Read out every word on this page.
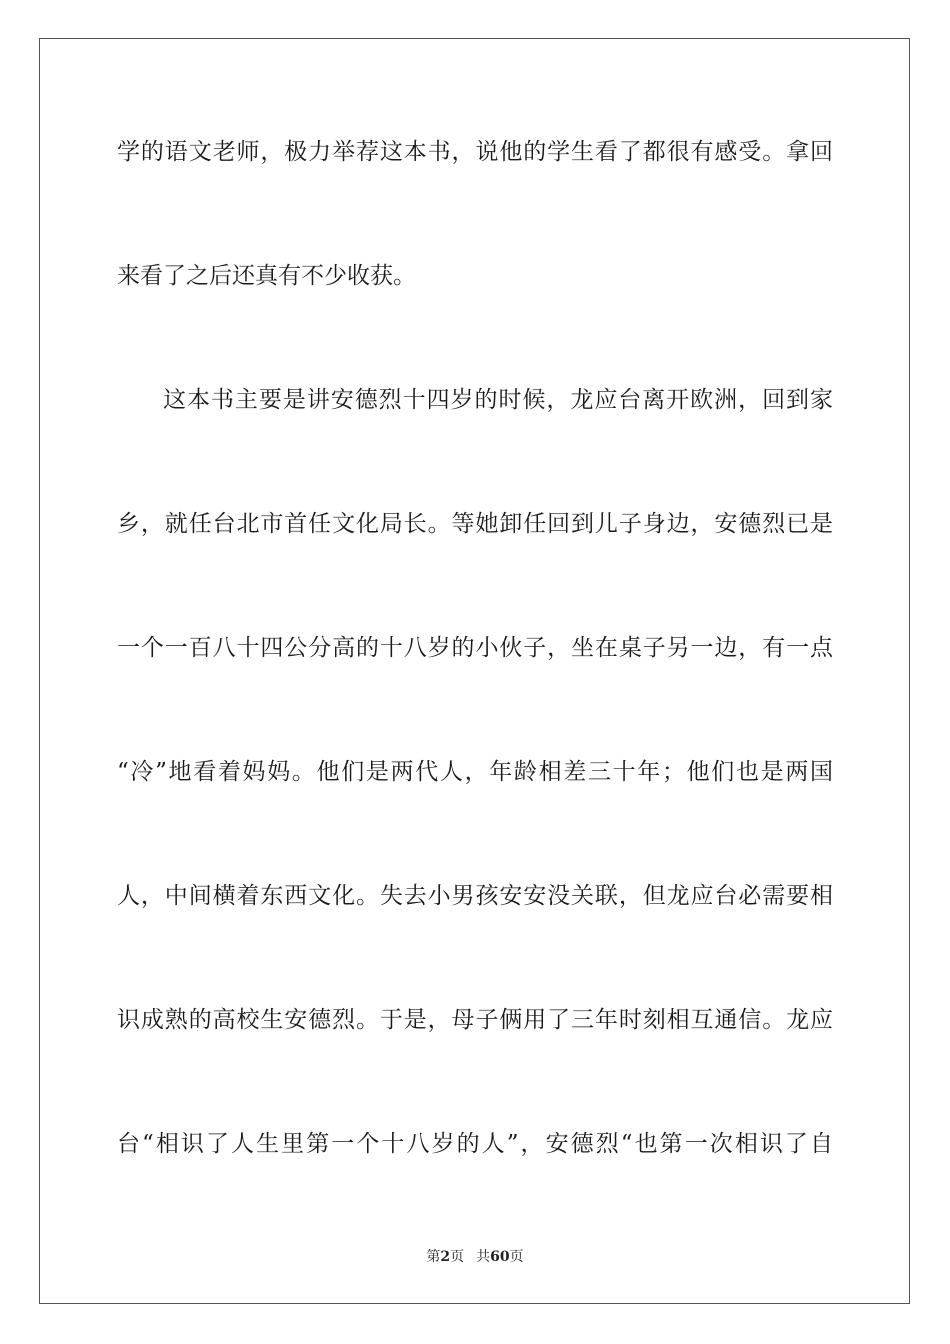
学的语文老师，极力举荐这本书，说他的学生看了都很有感受。拿回
来看了之后还真有不少收获。
这本书主要是讲安德烈十四岁的时候，龙应台离开欧洲，回到家
乡，就任台北市首任文化局长。等她卸任回到儿子身边，安德烈已是
一个一百八十四公分高的十八岁的小伙子，坐在桌子另一边，有一点
“冷”地看着妈妈。他们是两代人，年龄相差三十年；他们也是两国
人，中间横着东西文化。失去小男孩安安没关联，但龙应台必需要相
识成熟的高校生安德烈。于是，母子俩用了三年时刻相互通信。龙应
台“相识了人生里第一个十八岁的人”，安德烈“也第一次相识了自
第2页 共60页
